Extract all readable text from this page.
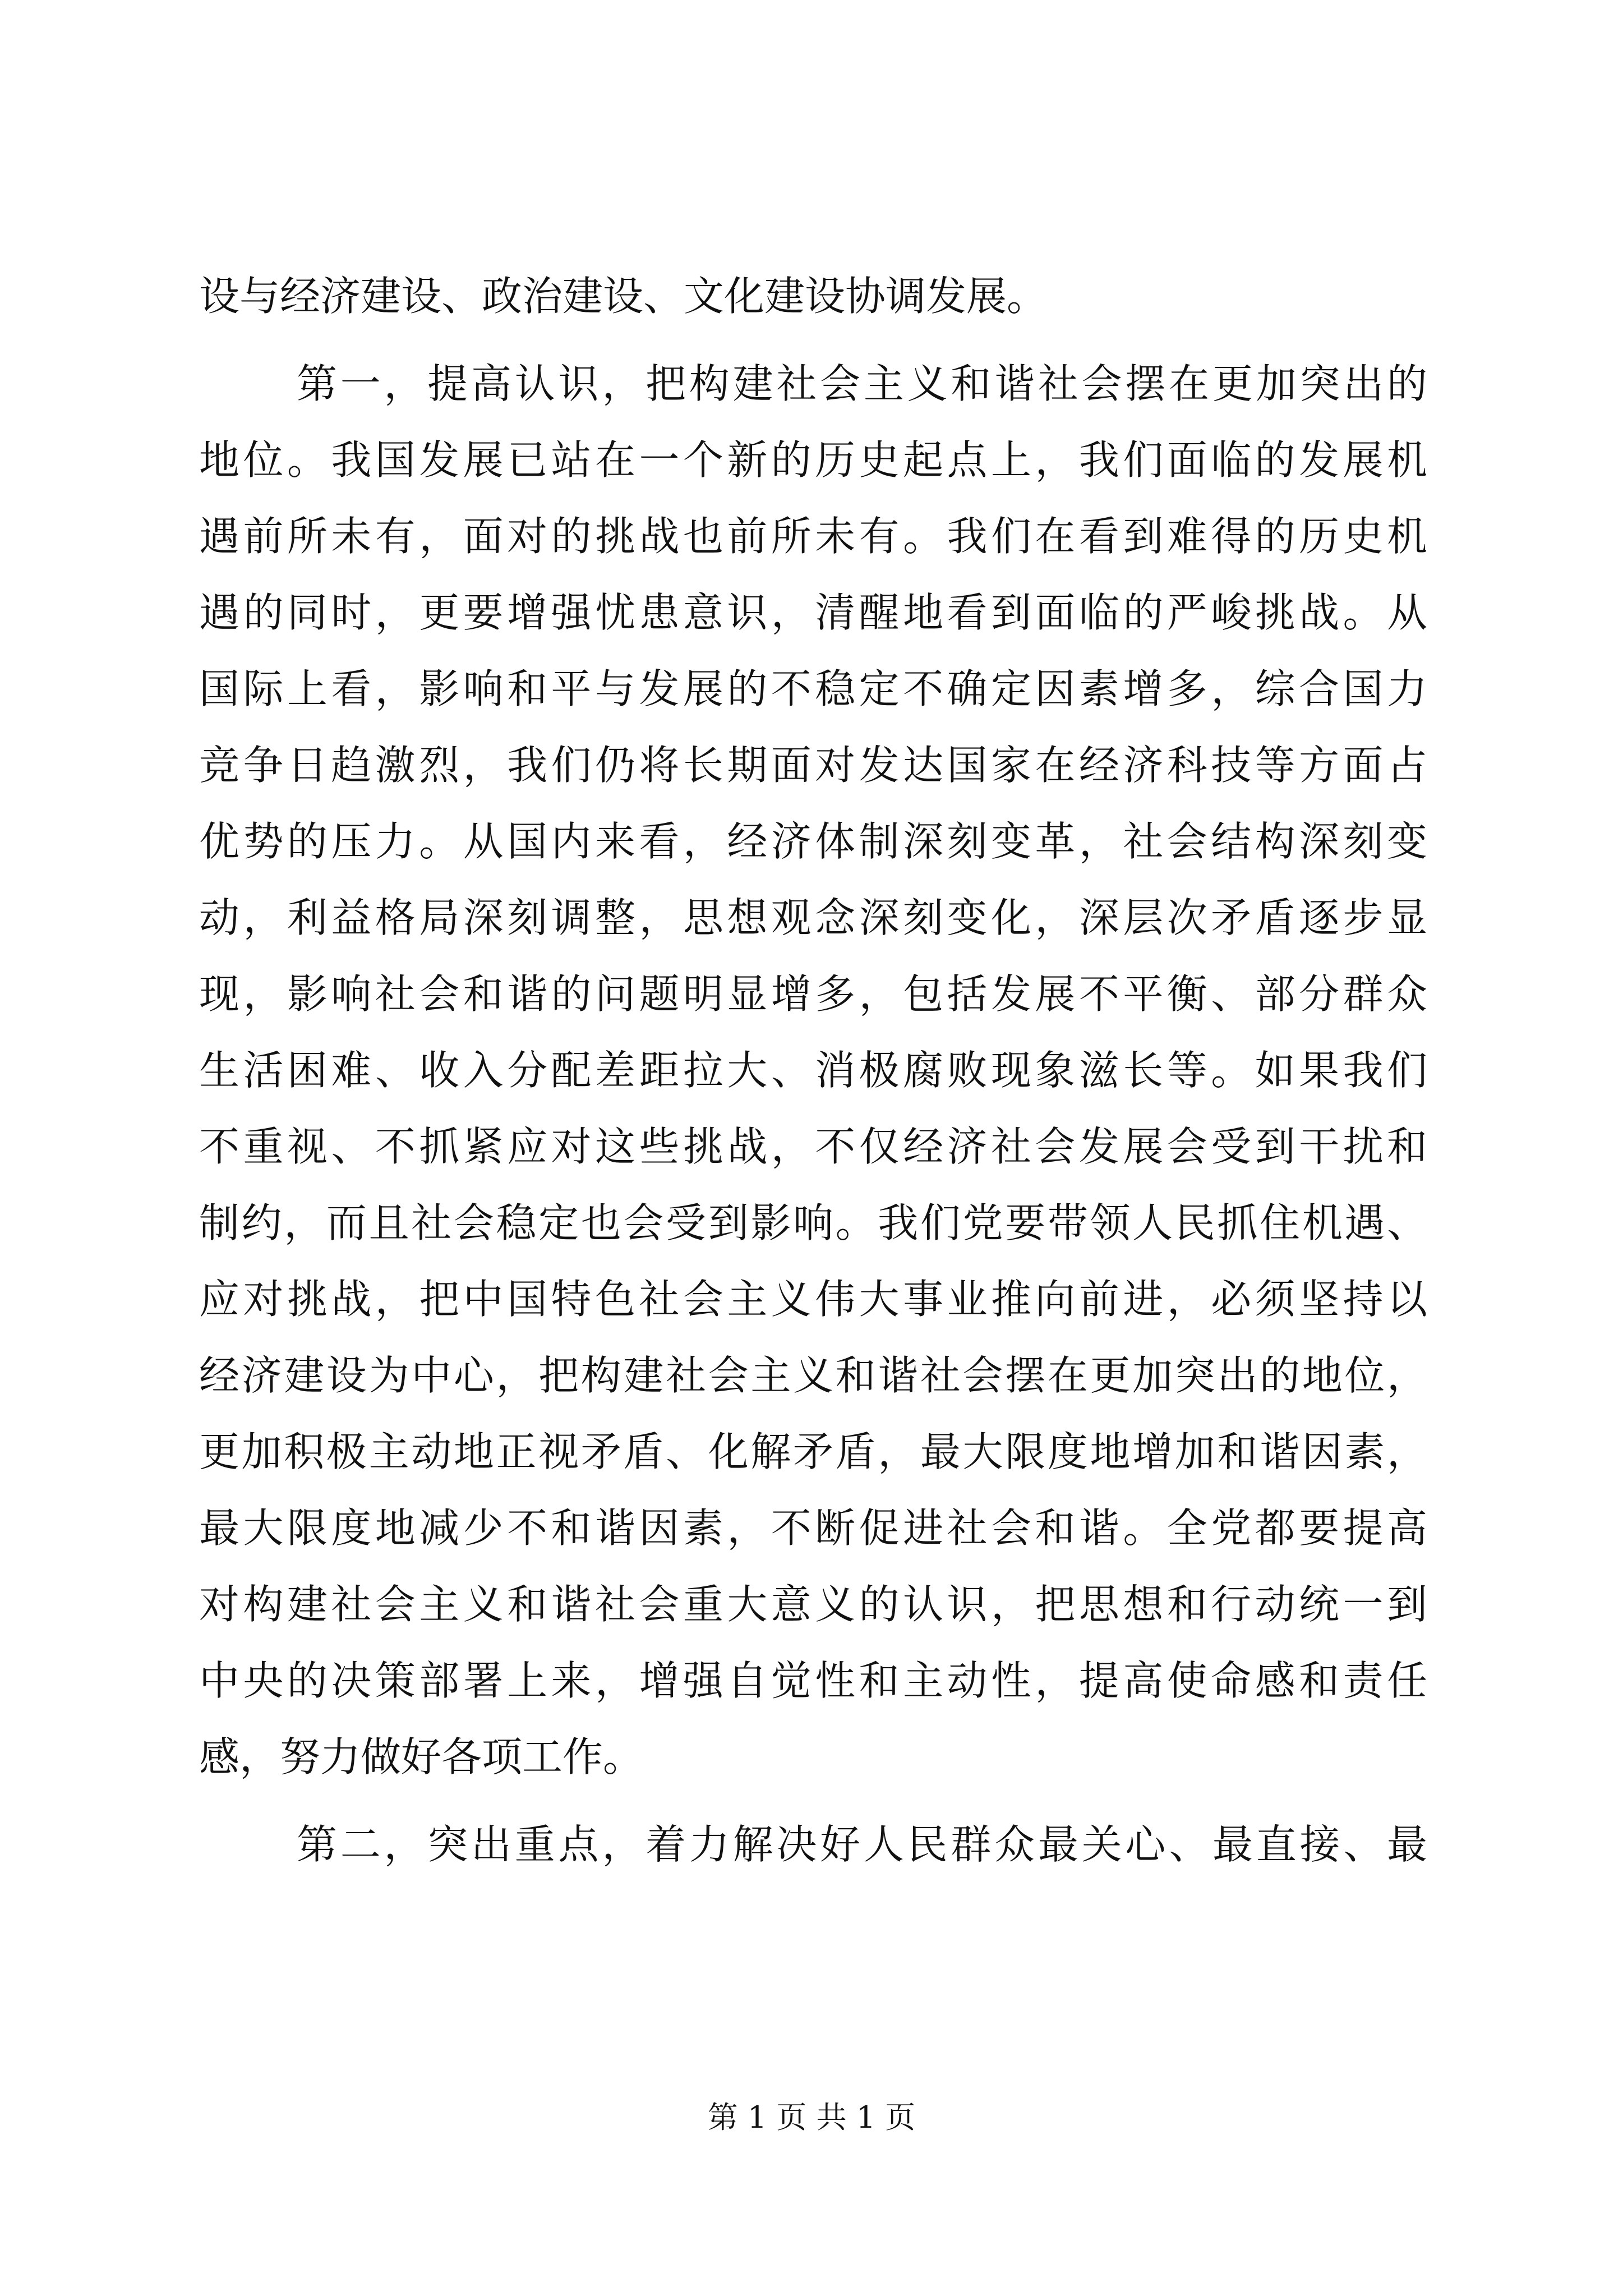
设与经济建设、政治建设、文化建设协调发展。
第一，提高认识，把构建社会主义和谐社会摆在更加突出的
地位。我国发展已站在一个新的历史起点上，我们面临的发展机
遇前所未有，面对的挑战也前所未有。我们在看到难得的历史机
遇的同时，更要增强忧患意识，清醒地看到面临的严峻挑战。从
国际上看，影响和平与发展的不稳定不确定因素增多，综合国力
竞争日趋激烈，我们仍将长期面对发达国家在经济科技等方面占
优势的压力。从国内来看，经济体制深刻变革，社会结构深刻变
动，利益格局深刻调整，思想观念深刻变化，深层次矛盾逐步显
现，影响社会和谐的问题明显增多，包括发展不平衡、部分群众
生活困难、收入分配差距拉大、消极腐败现象滋长等。如果我们
不重视、不抓紧应对这些挑战，不仅经济社会发展会受到干扰和
制约，而且社会稳定也会受到影响。我们党要带领人民抓住机遇、
应对挑战，把中国特色社会主义伟大事业推向前进，必须坚持以
经济建设为中心，把构建社会主义和谐社会摆在更加突出的地位，
更加积极主动地正视矛盾、化解矛盾，最大限度地增加和谐因素，
最大限度地减少不和谐因素，不断促进社会和谐。全党都要提高
对构建社会主义和谐社会重大意义的认识，把思想和行动统一到
中央的决策部署上来，增强自觉性和主动性，提高使命感和责任
感，努力做好各项工作。
第二，突出重点，着力解决好人民群众最关心、最直接、最
第 1 页 共 1 页
